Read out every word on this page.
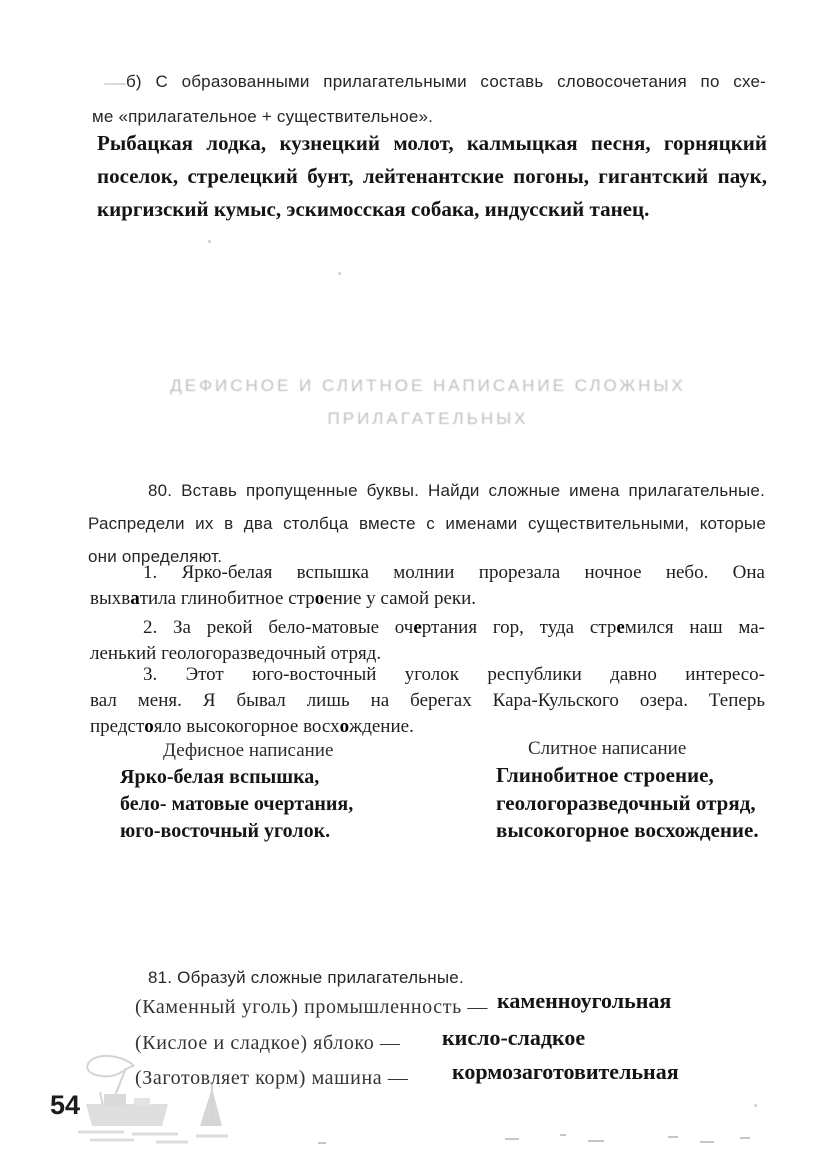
б) С образованными прилагательными составь словосочетания по схе-
ме «прилагательное + существительное».
Рыбацкая лодка, кузнецкий молот, калмыцкая песня, горняцкий
поселок, стрелецкий бунт, лейтенантские погоны, гигантский паук,
киргизский кумыс, эскимосская собака, индусский танец.
ДЕФИСНОЕ И СЛИТНОЕ НАПИСАНИЕ СЛОЖНЫХ
ПРИЛАГАТЕЛЬНЫХ
80. Вставь пропущенные буквы. Найди сложные имена прилагательные.
Распредели их в два столбца вместе с именами существительными, которые
они определяют.
1. Ярко-белая вспышка молнии прорезала ночное небо. Она
выхватила глинобитное строение у самой реки.
2. За рекой бело-матовые очертания гор, туда стремился наш ма-
ленький геологоразведочный отряд.
3. Этот юго-восточный уголок республики давно интересо-
вал меня. Я бывал лишь на берегах Кара-Кульского озера. Теперь
предстояло высокогорное восхождение.
Дефисное написание	Слитное написание
Ярко-белая вспышка,
бело- матовые очертания,
юго-восточный уголок.
Глинобитное строение,
геологоразведочный отряд,
высокогорное восхождение.
81. Образуй сложные прилагательные.
(Каменный уголь) промышленность — каменноугольная
(Кислое и сладкое) яблоко — кисло-сладкое
(Заготовляет корм) машина — кормозаготовительная
54
